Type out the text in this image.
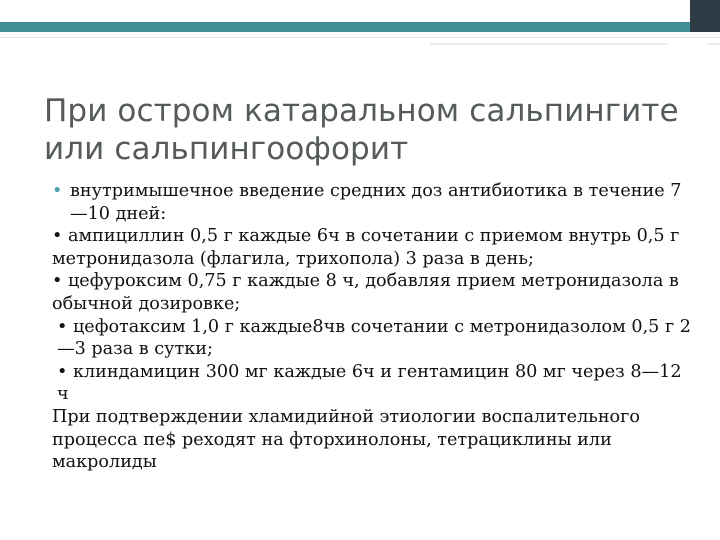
При остром катаральном сальпингите
или сальпингоофорит

• внутримышечное введение средних доз антибиотика в течение 7—10 дней:

• ампициллин 0,5 г каждые 6ч в сочетании с приемом внутрь 0,5 г метронидазола (флагила, трихопола) 3 раза в день;

• цефуроксим 0,75 г каждые 8 ч, добавляя прием метронидазола в обычной дозировке;

• цефотаксим 1,0 г каждые8чв сочетании с метронидазолом 0,5 г 2—3 раза в сутки;

• клиндамицин 300 мг каждые 6ч и гентамицин 80 мг через 8—12 ч

При подтверждении хламидийной этиологии воспалительного процесса пе$ реходят на фторхинолоны, тетрациклины или макролиды
